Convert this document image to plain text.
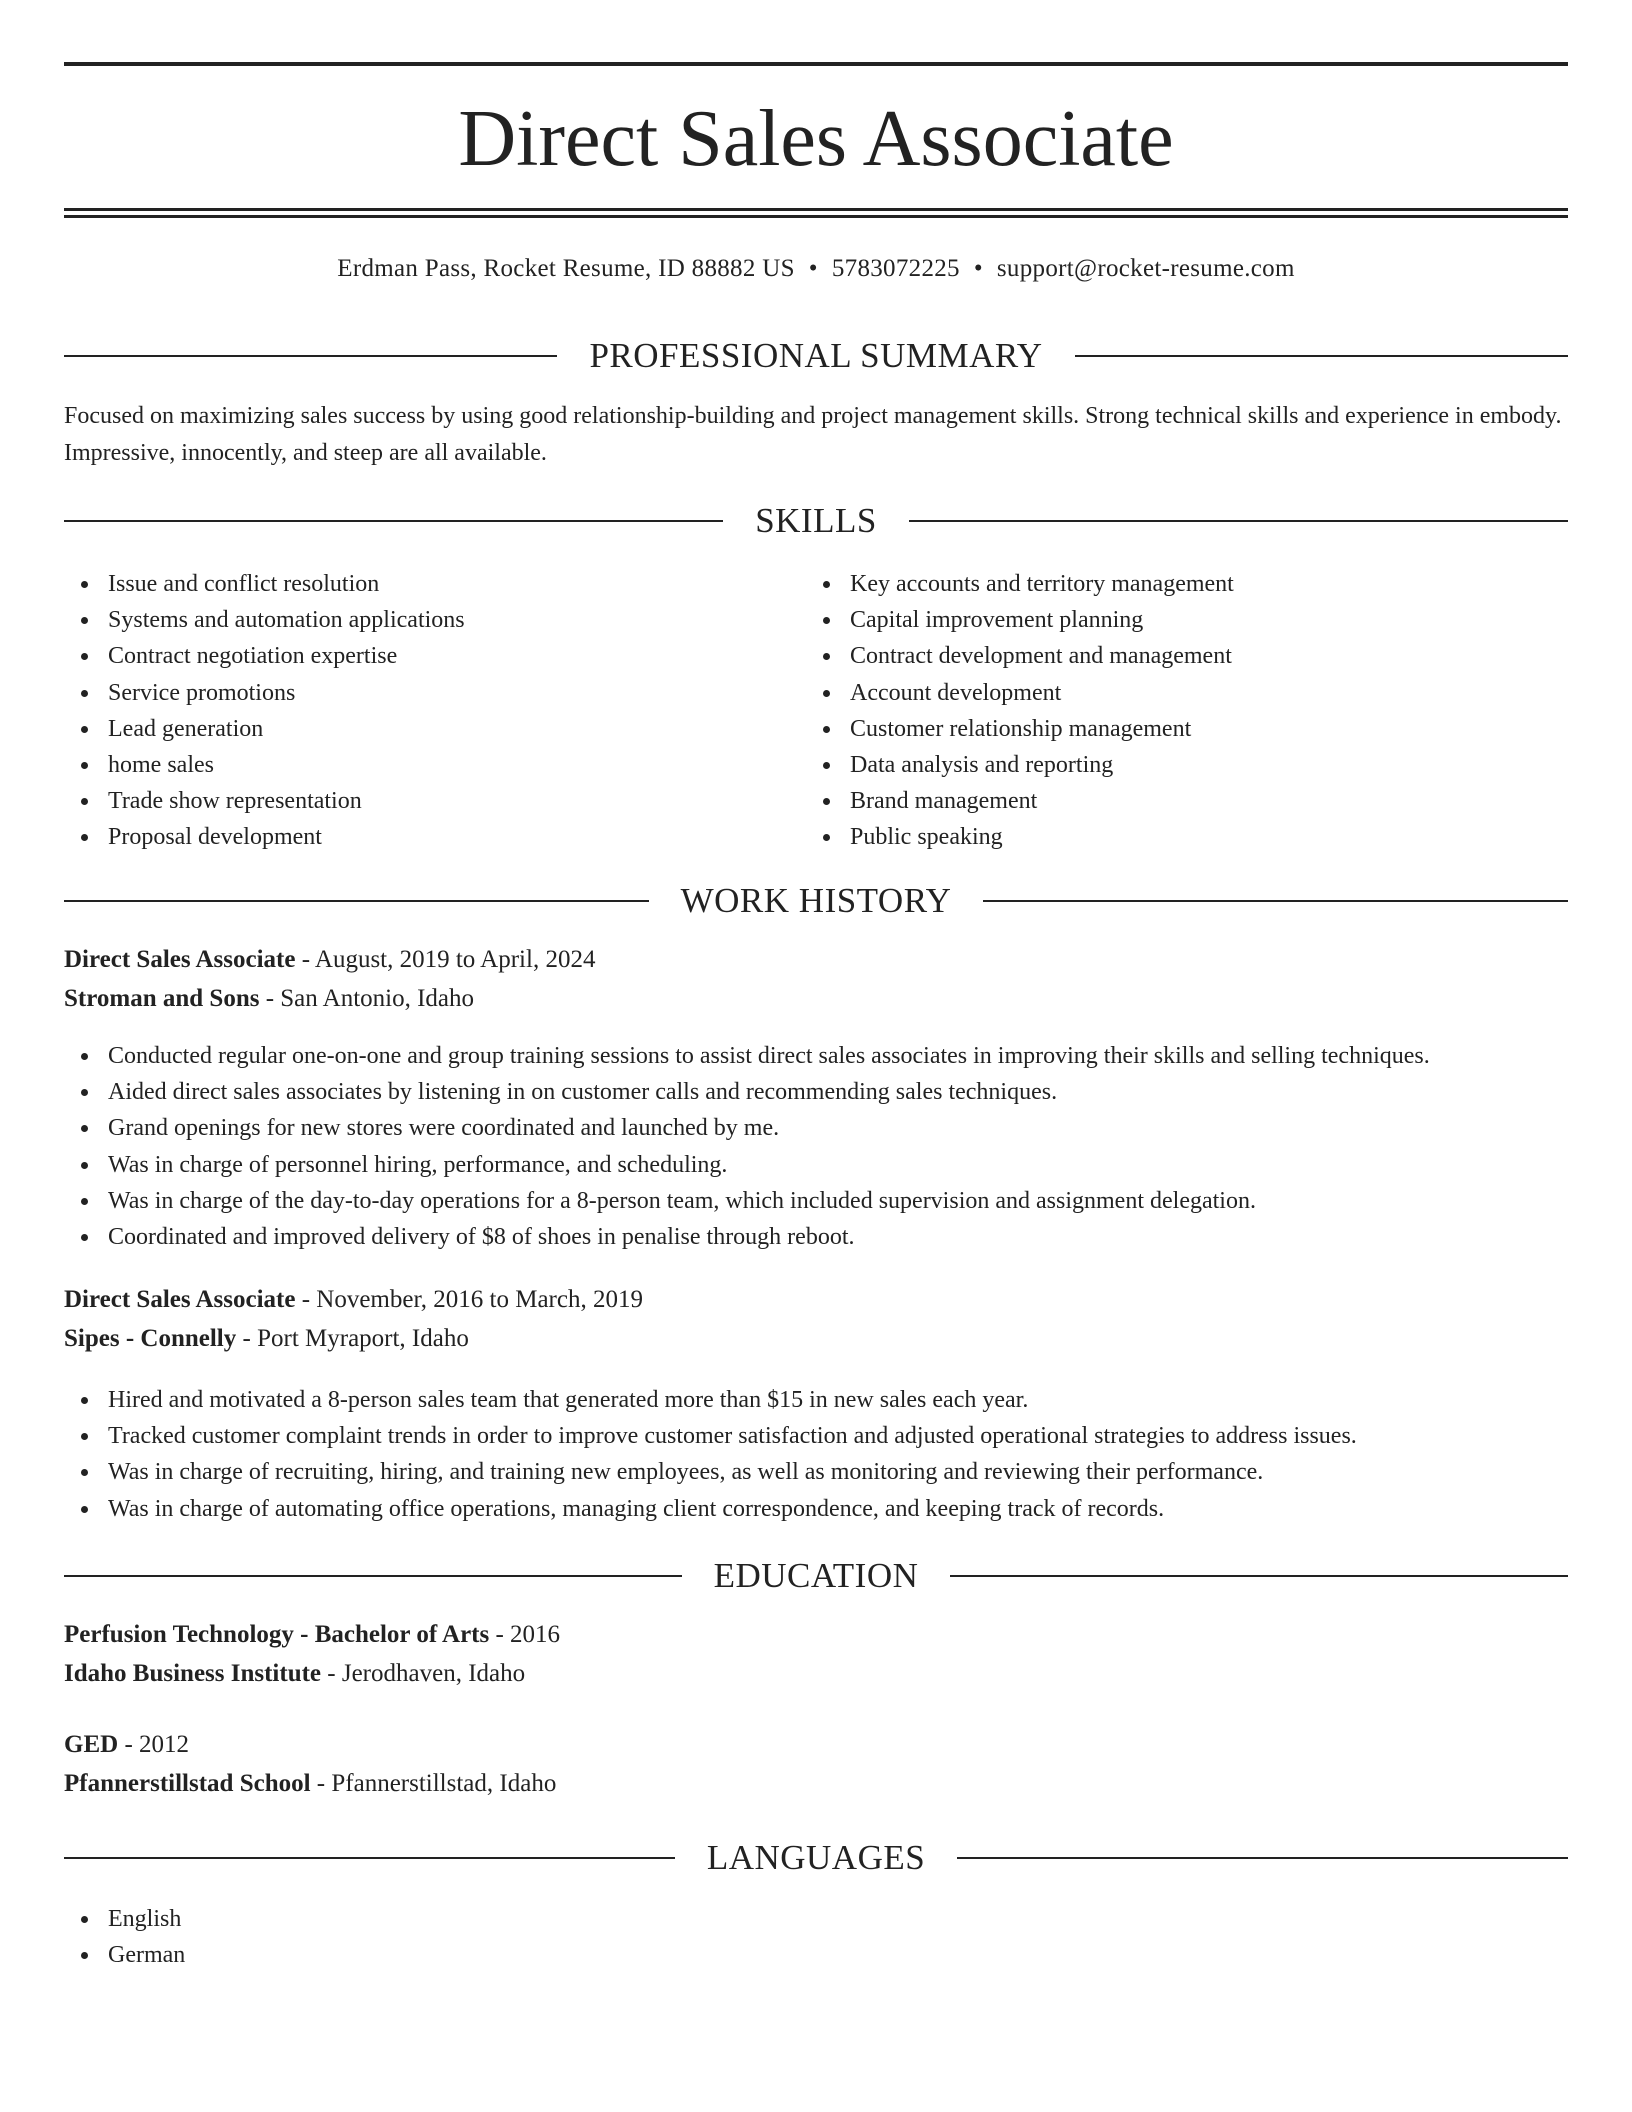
Direct Sales Associate
Erdman Pass, Rocket Resume, ID 88882 US • 5783072225 • support@rocket-resume.com
PROFESSIONAL SUMMARY
Focused on maximizing sales success by using good relationship-building and project management skills. Strong technical skills and experience in embody. Impressive, innocently, and steep are all available.
SKILLS
Issue and conflict resolution
Systems and automation applications
Contract negotiation expertise
Service promotions
Lead generation
home sales
Trade show representation
Proposal development
Key accounts and territory management
Capital improvement planning
Contract development and management
Account development
Customer relationship management
Data analysis and reporting
Brand management
Public speaking
WORK HISTORY
Direct Sales Associate - August, 2019 to April, 2024
Stroman and Sons - San Antonio, Idaho
Conducted regular one-on-one and group training sessions to assist direct sales associates in improving their skills and selling techniques.
Aided direct sales associates by listening in on customer calls and recommending sales techniques.
Grand openings for new stores were coordinated and launched by me.
Was in charge of personnel hiring, performance, and scheduling.
Was in charge of the day-to-day operations for a 8-person team, which included supervision and assignment delegation.
Coordinated and improved delivery of $8 of shoes in penalise through reboot.
Direct Sales Associate - November, 2016 to March, 2019
Sipes - Connelly - Port Myraport, Idaho
Hired and motivated a 8-person sales team that generated more than $15 in new sales each year.
Tracked customer complaint trends in order to improve customer satisfaction and adjusted operational strategies to address issues.
Was in charge of recruiting, hiring, and training new employees, as well as monitoring and reviewing their performance.
Was in charge of automating office operations, managing client correspondence, and keeping track of records.
EDUCATION
Perfusion Technology - Bachelor of Arts - 2016
Idaho Business Institute - Jerodhaven, Idaho
GED - 2012
Pfannerstillstad School - Pfannerstillstad, Idaho
LANGUAGES
English
German
